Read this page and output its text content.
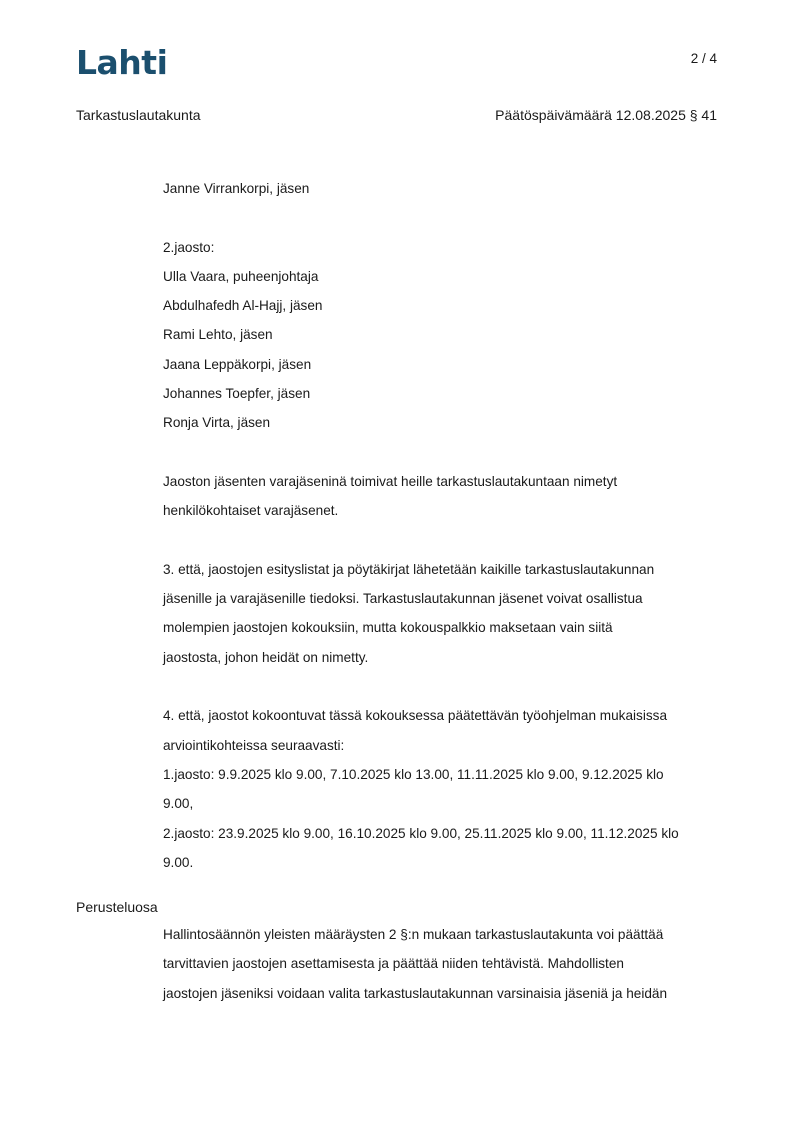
Lahti	2 / 4
Tarkastuslautakunta	Päätöspäivämäärä 12.08.2025 § 41
Janne Virrankorpi, jäsen
2.jaosto:
Ulla Vaara, puheenjohtaja
Abdulhafedh Al-Hajj, jäsen
Rami Lehto, jäsen
Jaana Leppäkorpi, jäsen
Johannes Toepfer, jäsen
Ronja Virta, jäsen
Jaoston jäsenten varajäseninä toimivat heille tarkastuslautakuntaan nimetyt
henkilökohtaiset varajäsenet.
3. että, jaostojen esityslistat ja pöytäkirjat lähetetään kaikille tarkastuslautakunnan
jäsenille ja varajäsenille tiedoksi. Tarkastuslautakunnan jäsenet voivat osallistua
molempien jaostojen kokouksiin, mutta kokouspalkkio maksetaan vain siitä
jaostosta, johon heidät on nimetty.
4. että, jaostot kokoontuvat tässä kokouksessa päätettävän työohjelman mukaisissa
arviointikohteissa seuraavasti:
1.jaosto: 9.9.2025 klo 9.00, 7.10.2025 klo 13.00, 11.11.2025 klo 9.00, 9.12.2025 klo
9.00,
2.jaosto: 23.9.2025 klo 9.00, 16.10.2025 klo 9.00, 25.11.2025 klo 9.00, 11.12.2025 klo
9.00.
Perusteluosa
Hallintosäännön yleisten määräysten 2 §:n mukaan tarkastuslautakunta voi päättää
tarvittavien jaostojen asettamisesta ja päättää niiden tehtävistä. Mahdollisten
jaostojen jäseniksi voidaan valita tarkastuslautakunnan varsinaisia jäseniä ja heidän
